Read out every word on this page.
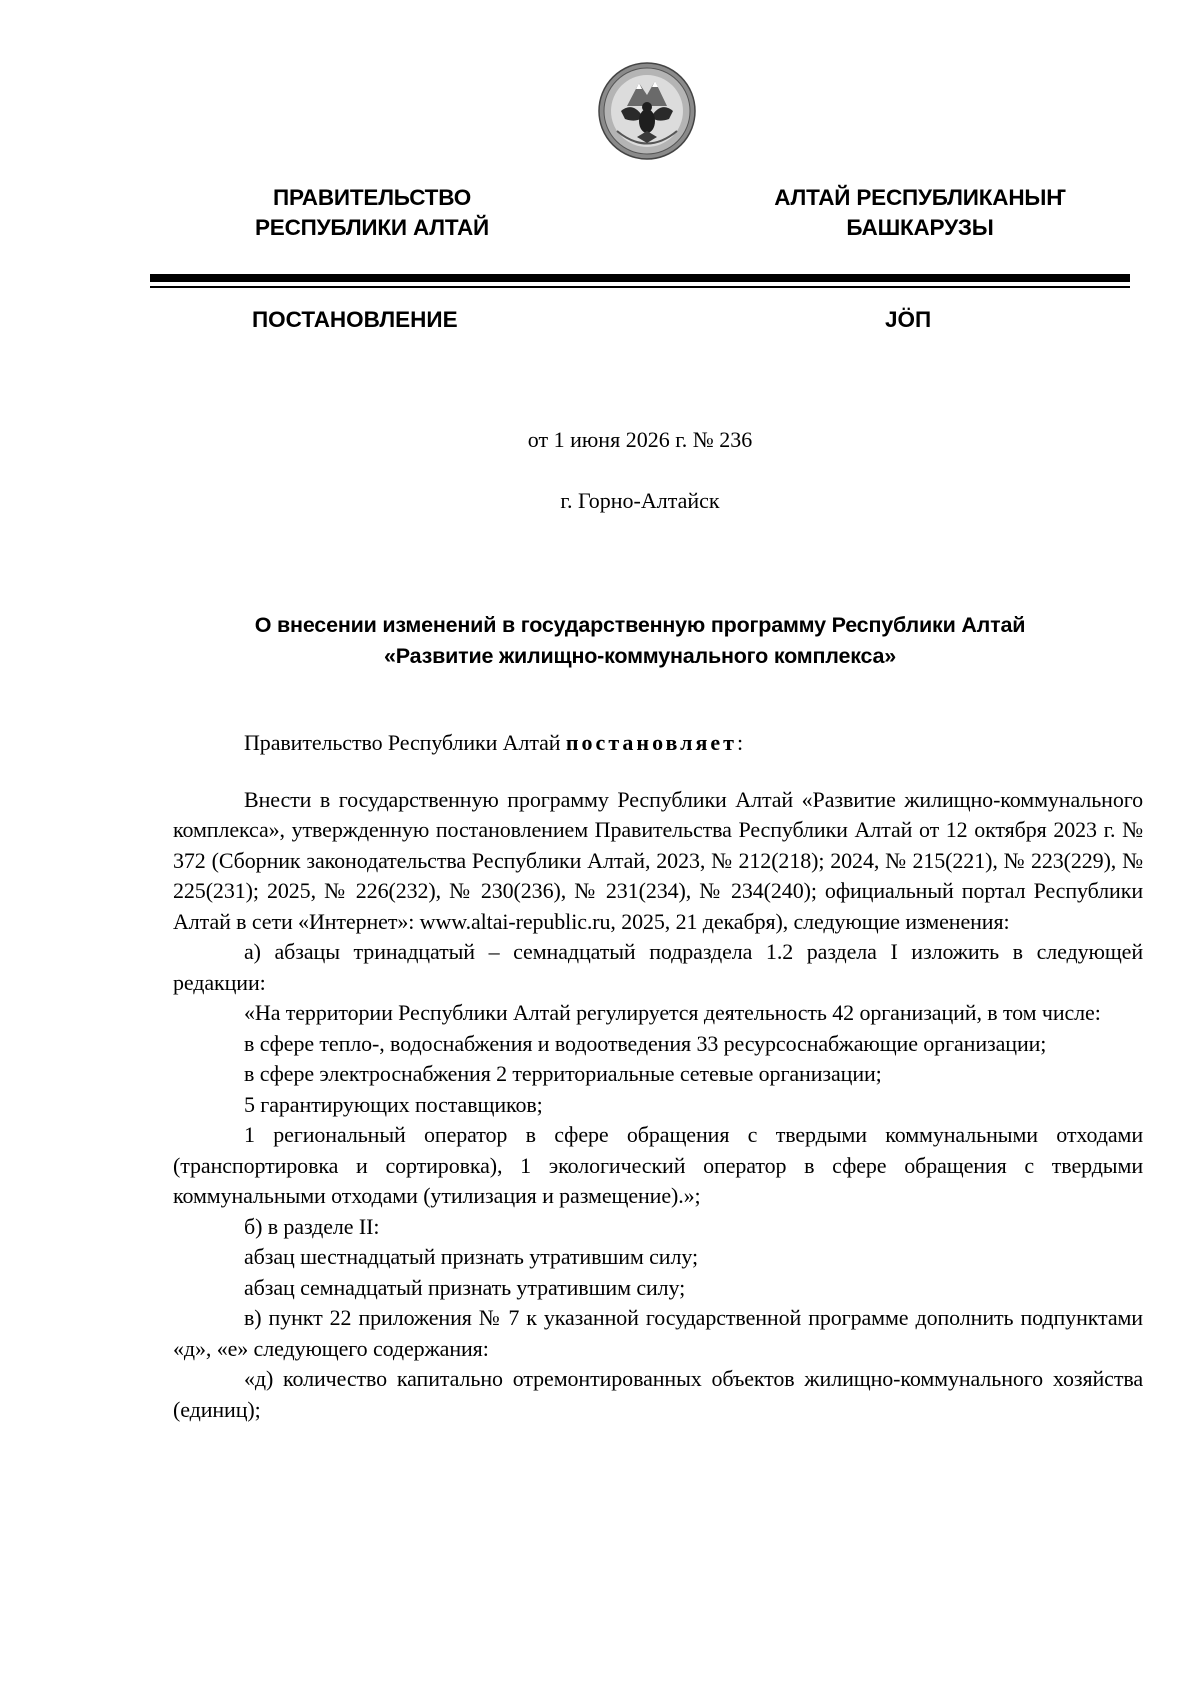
ПРАВИТЕЛЬСТВО
РЕСПУБЛИКИ АЛТАЙ
АЛТАЙ РЕСПУБЛИКАНЫҤ
БАШКАРУЗЫ
ПОСТАНОВЛЕНИЕ	JÖП
от 1 июня 2026 г. № 236
г. Горно-Алтайск
О внесении изменений в государственную программу Республики Алтай
«Развитие жилищно-коммунального комплекса»

Правительство Республики Алтай постановляет:

Внести в государственную программу Республики Алтай «Развитие жилищно-коммунального комплекса», утвержденную постановлением Правительства Республики Алтай от 12 октября 2023 г. № 372 (Сборник законодательства Республики Алтай, 2023, № 212(218); 2024, № 215(221), № 223(229), № 225(231); 2025, № 226(232), № 230(236), № 231(234), № 234(240); официальный портал Республики Алтай в сети «Интернет»: www.altai-republic.ru, 2025, 21 декабря), следующие изменения:

а) абзацы тринадцатый – семнадцатый подраздела 1.2 раздела I изложить в следующей редакции:

«На территории Республики Алтай регулируется деятельность 42 организаций, в том числе:

в сфере тепло-, водоснабжения и водоотведения 33 ресурсоснабжающие организации;

в сфере электроснабжения 2 территориальные сетевые организации;

5 гарантирующих поставщиков;

1 региональный оператор в сфере обращения с твердыми коммунальными отходами (транспортировка и сортировка), 1 экологический оператор в сфере обращения с твердыми коммунальными отходами (утилизация и размещение).»;

б) в разделе II:

абзац шестнадцатый признать утратившим силу;

абзац семнадцатый признать утратившим силу;

в) пункт 22 приложения № 7 к указанной государственной программе дополнить подпунктами «д», «е» следующего содержания:

«д) количество капитально отремонтированных объектов жилищно-коммунального хозяйства (единиц);
